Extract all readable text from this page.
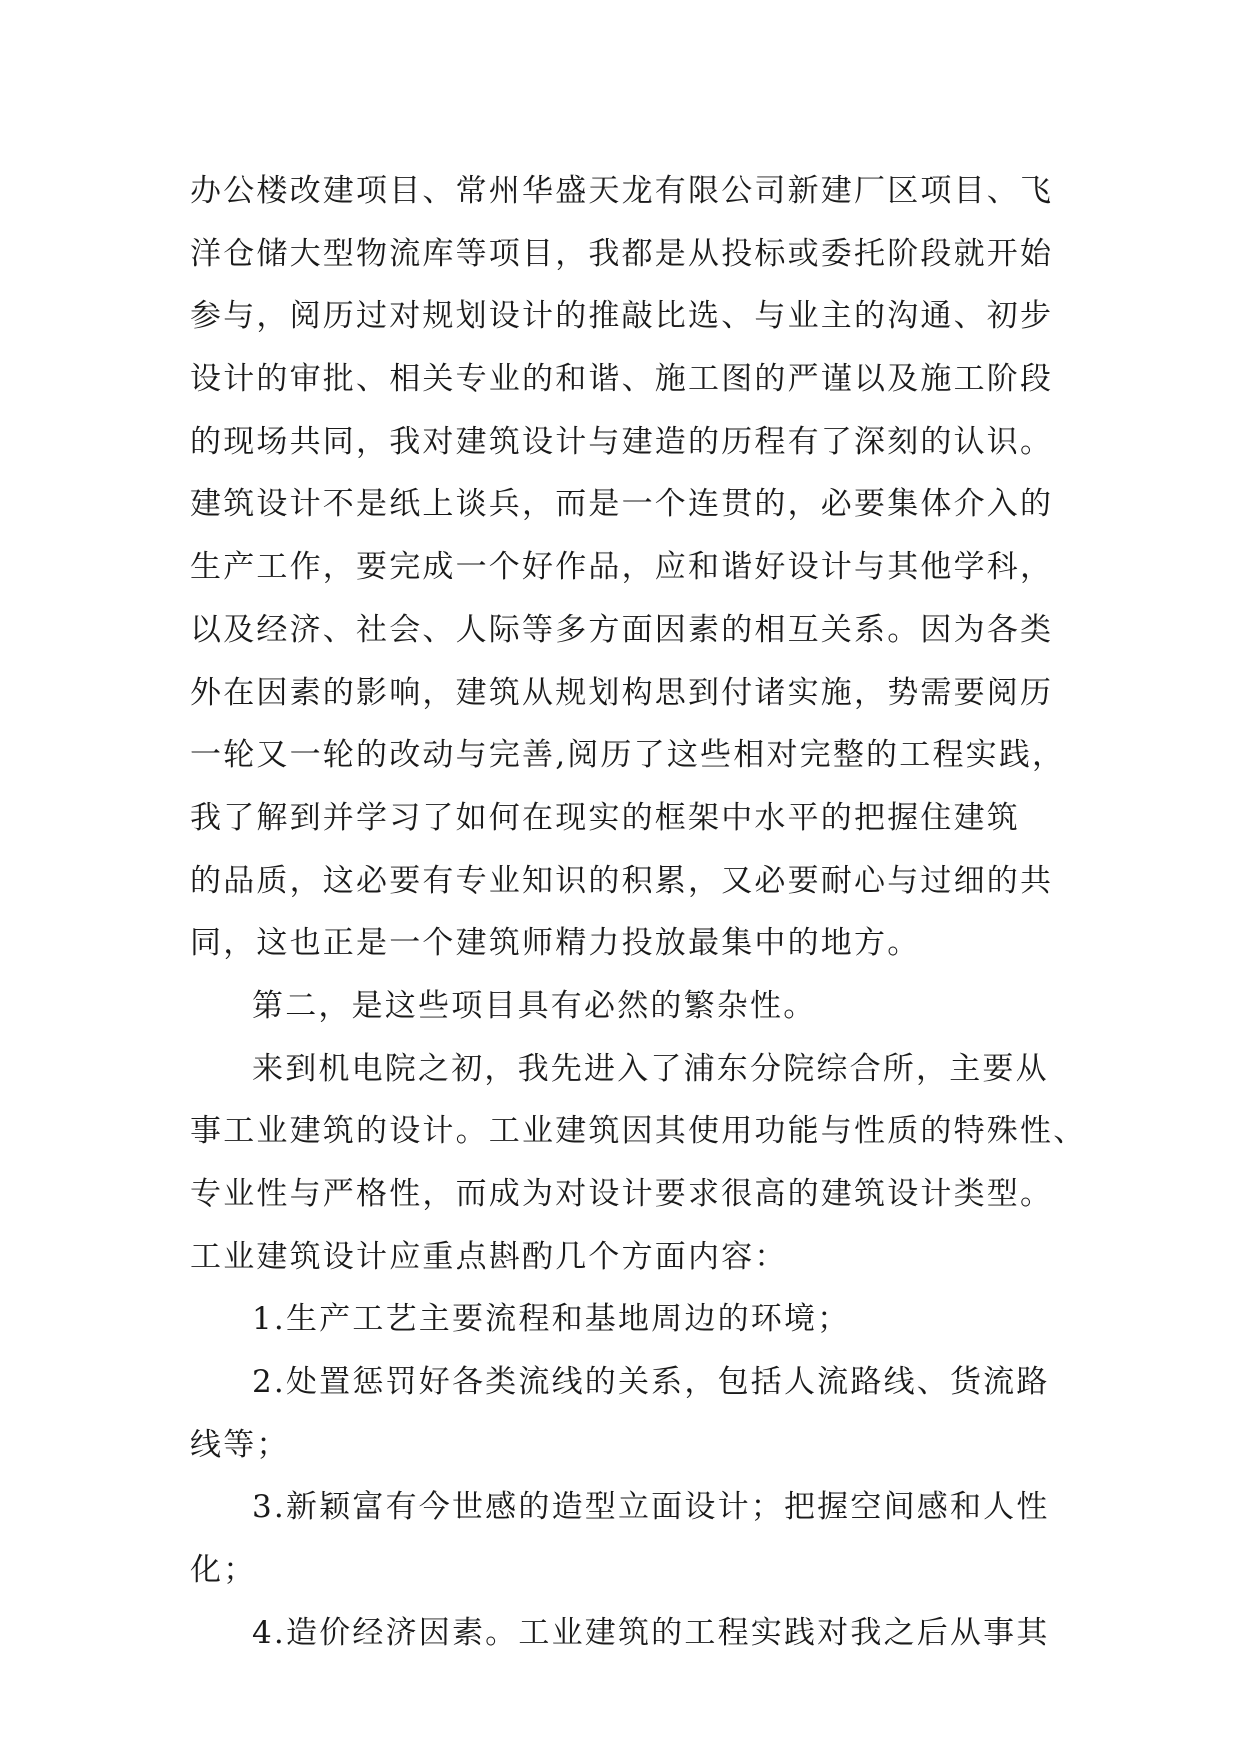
办公楼改建项目、常州华盛天龙有限公司新建厂区项目、飞
洋仓储大型物流库等项目，我都是从投标或委托阶段就开始
参与，阅历过对规划设计的推敲比选、与业主的沟通、初步
设计的审批、相关专业的和谐、施工图的严谨以及施工阶段
的现场共同，我对建筑设计与建造的历程有了深刻的认识。
建筑设计不是纸上谈兵，而是一个连贯的，必要集体介入的
生产工作，要完成一个好作品，应和谐好设计与其他学科，
以及经济、社会、人际等多方面因素的相互关系。因为各类
外在因素的影响，建筑从规划构思到付诸实施，势需要阅历
一轮又一轮的改动与完善,阅历了这些相对完整的工程实践，
我了解到并学习了如何在现实的框架中水平的把握住建筑
的品质，这必要有专业知识的积累，又必要耐心与过细的共
同，这也正是一个建筑师精力投放最集中的地方。
第二，是这些项目具有必然的繁杂性。
来到机电院之初，我先进入了浦东分院综合所，主要从
事工业建筑的设计。工业建筑因其使用功能与性质的特殊性、
专业性与严格性，而成为对设计要求很高的建筑设计类型。
工业建筑设计应重点斟酌几个方面内容：
1.生产工艺主要流程和基地周边的环境；
2.处置惩罚好各类流线的关系，包括人流路线、货流路
线等；
3.新颖富有今世感的造型立面设计；把握空间感和人性
化；
4.造价经济因素。工业建筑的工程实践对我之后从事其
